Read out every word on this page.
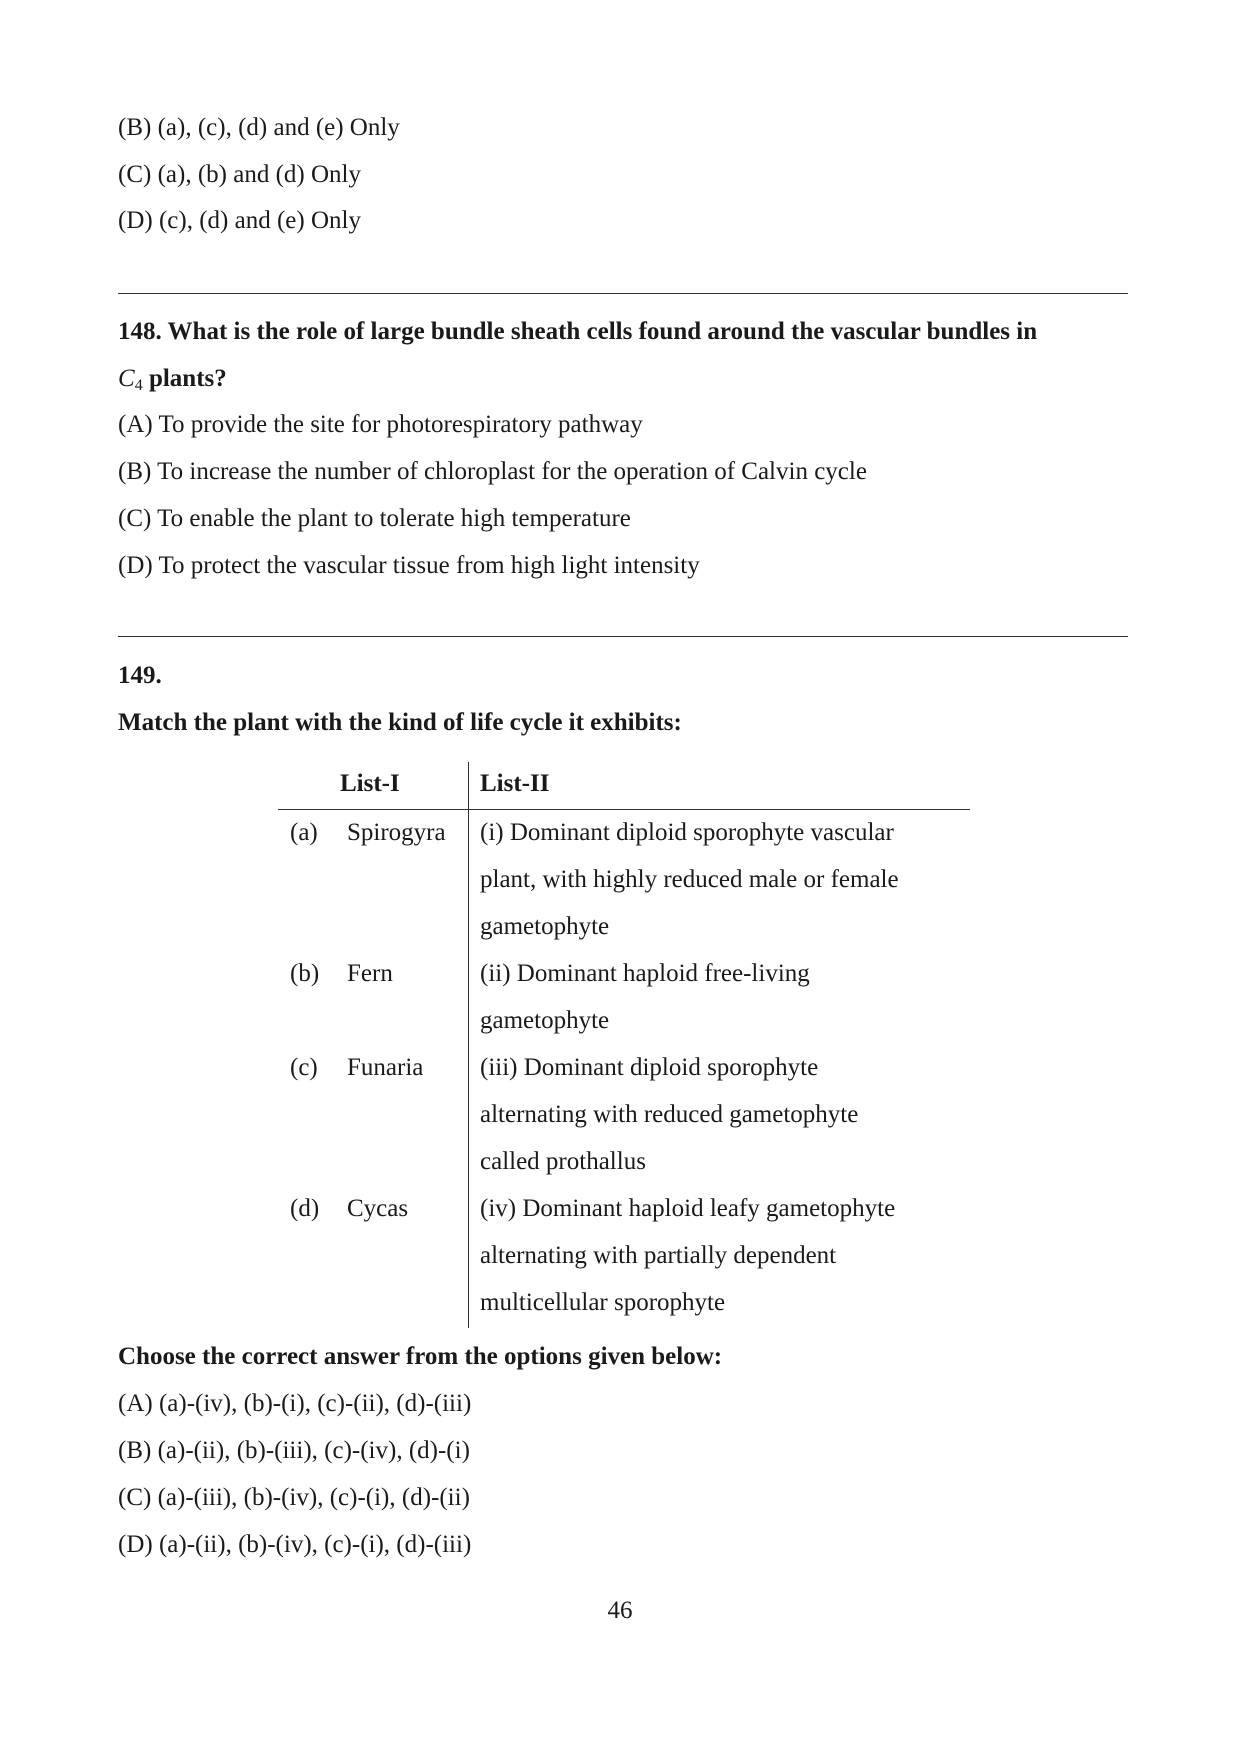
(B) (a), (c), (d) and (e) Only
(C) (a), (b) and (d) Only
(D) (c), (d) and (e) Only
148. What is the role of large bundle sheath cells found around the vascular bundles in
$C_4$ plants?
(A) To provide the site for photorespiratory pathway
(B) To increase the number of chloroplast for the operation of Calvin cycle
(C) To enable the plant to tolerate high temperature
(D) To protect the vascular tissue from high light intensity
149.
Match the plant with the kind of life cycle it exhibits:
List-I	List-II
(a) Spirogyra (i) Dominant diploid sporophyte vascular
plant, with highly reduced male or female
gametophyte
(b) Fern	(ii) Dominant haploid free-living
gametophyte
(c) Funaria (iii) Dominant diploid sporophyte
alternating with reduced gametophyte
called prothallus
(d) Cycas	(iv) Dominant haploid leafy gametophyte
alternating with partially dependent
multicellular sporophyte
Choose the correct answer from the options given below:
(A) (a)-(iv), (b)-(i), (c)-(ii), (d)-(iii)
(B) (a)-(ii), (b)-(iii), (c)-(iv), (d)-(i)
(C) (a)-(iii), (b)-(iv), (c)-(i), (d)-(ii)
(D) (a)-(ii), (b)-(iv), (c)-(i), (d)-(iii)
46
